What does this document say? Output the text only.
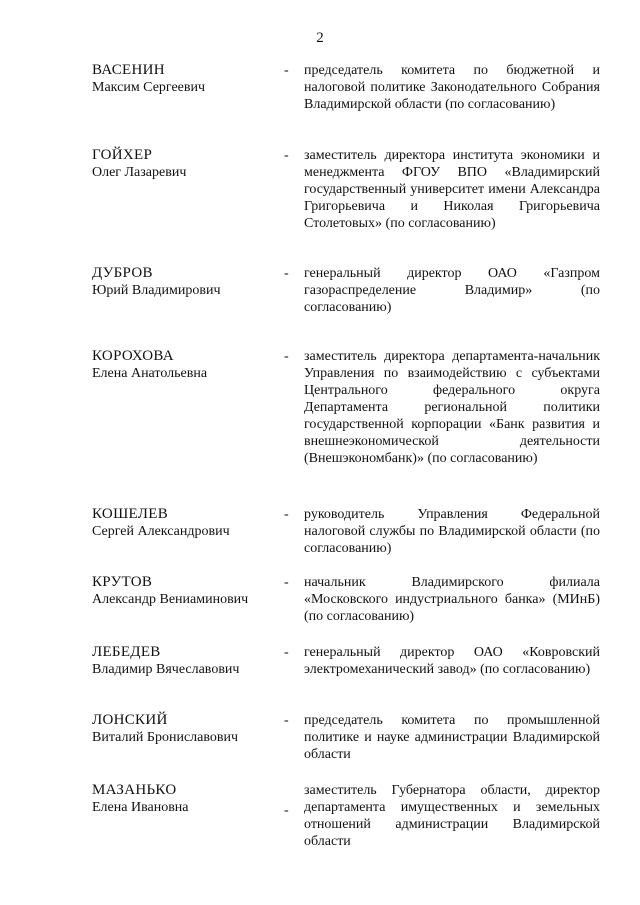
2
ВАСЕНИН
Максим Сергеевич
- председатель комитета по бюджетной и налоговой политике Законодательного Собрания Владимирской области (по согласованию)
ГОЙХЕР
Олег Лазаревич
- заместитель директора института экономики и менеджмента ФГОУ ВПО «Владимирский государственный университет имени Александра Григорьевича и Николая Григорьевича Столетовых» (по согласованию)
ДУБРОВ
Юрий Владимирович
- генеральный директор ОАО «Газпром газораспределение Владимир» (по согласованию)
КОРОХОВА
Елена Анатольевна
- заместитель директора департамента-начальник Управления по взаимодействию с субъектами Центрального федерального округа Департамента региональной политики государственной корпорации «Банк развития и внешнеэкономической деятельности (Внешэкономбанк)» (по согласованию)
КОШЕЛЕВ
Сергей Александрович
- руководитель Управления Федеральной налоговой службы по Владимирской области (по согласованию)
КРУТОВ
Александр Вениаминович
- начальник Владимирского филиала «Московского индустриального банка» (МИнБ) (по согласованию)
ЛЕБЕДЕВ
Владимир Вячеславович
- генеральный директор ОАО «Ковровский электромеханический завод» (по согласованию)
ЛОНСКИЙ
Виталий Брониславович
- председатель комитета по промышленной политике и науке администрации Владимирской области
МАЗАНЬКО
Елена Ивановна	-
заместитель Губернатора области, директор департамента имущественных и земельных отношений администрации Владимирской области
